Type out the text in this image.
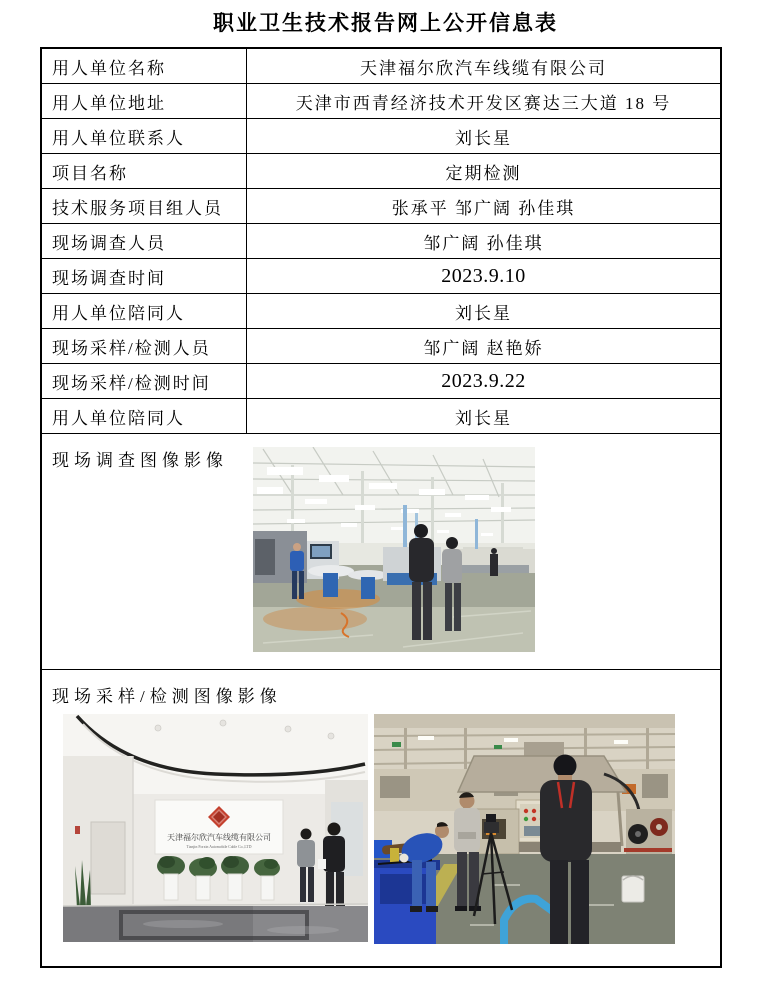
职业卫生技术报告网上公开信息表
用人单位名称	天津福尔欣汽车线缆有限公司
用人单位地址	天津市西青经济技术开发区赛达三大道 18 号
用人单位联系人	刘长星
项目名称	定期检测
技术服务项目组人员	张承平 邹广阔 孙佳琪
现场调查人员	邹广阔 孙佳琪
现场调查时间	2023.9.10
用人单位陪同人	刘长星
现场采样/检测人员	邹广阔 赵艳娇
现场采样/检测时间	2023.9.22
用人单位陪同人	刘长星
现场调查图像影像
现场采样/检测图像影像
天津福尔欣汽车线缆有限公司
Tianjin Forxin Automobile Cable Co.,LTD
